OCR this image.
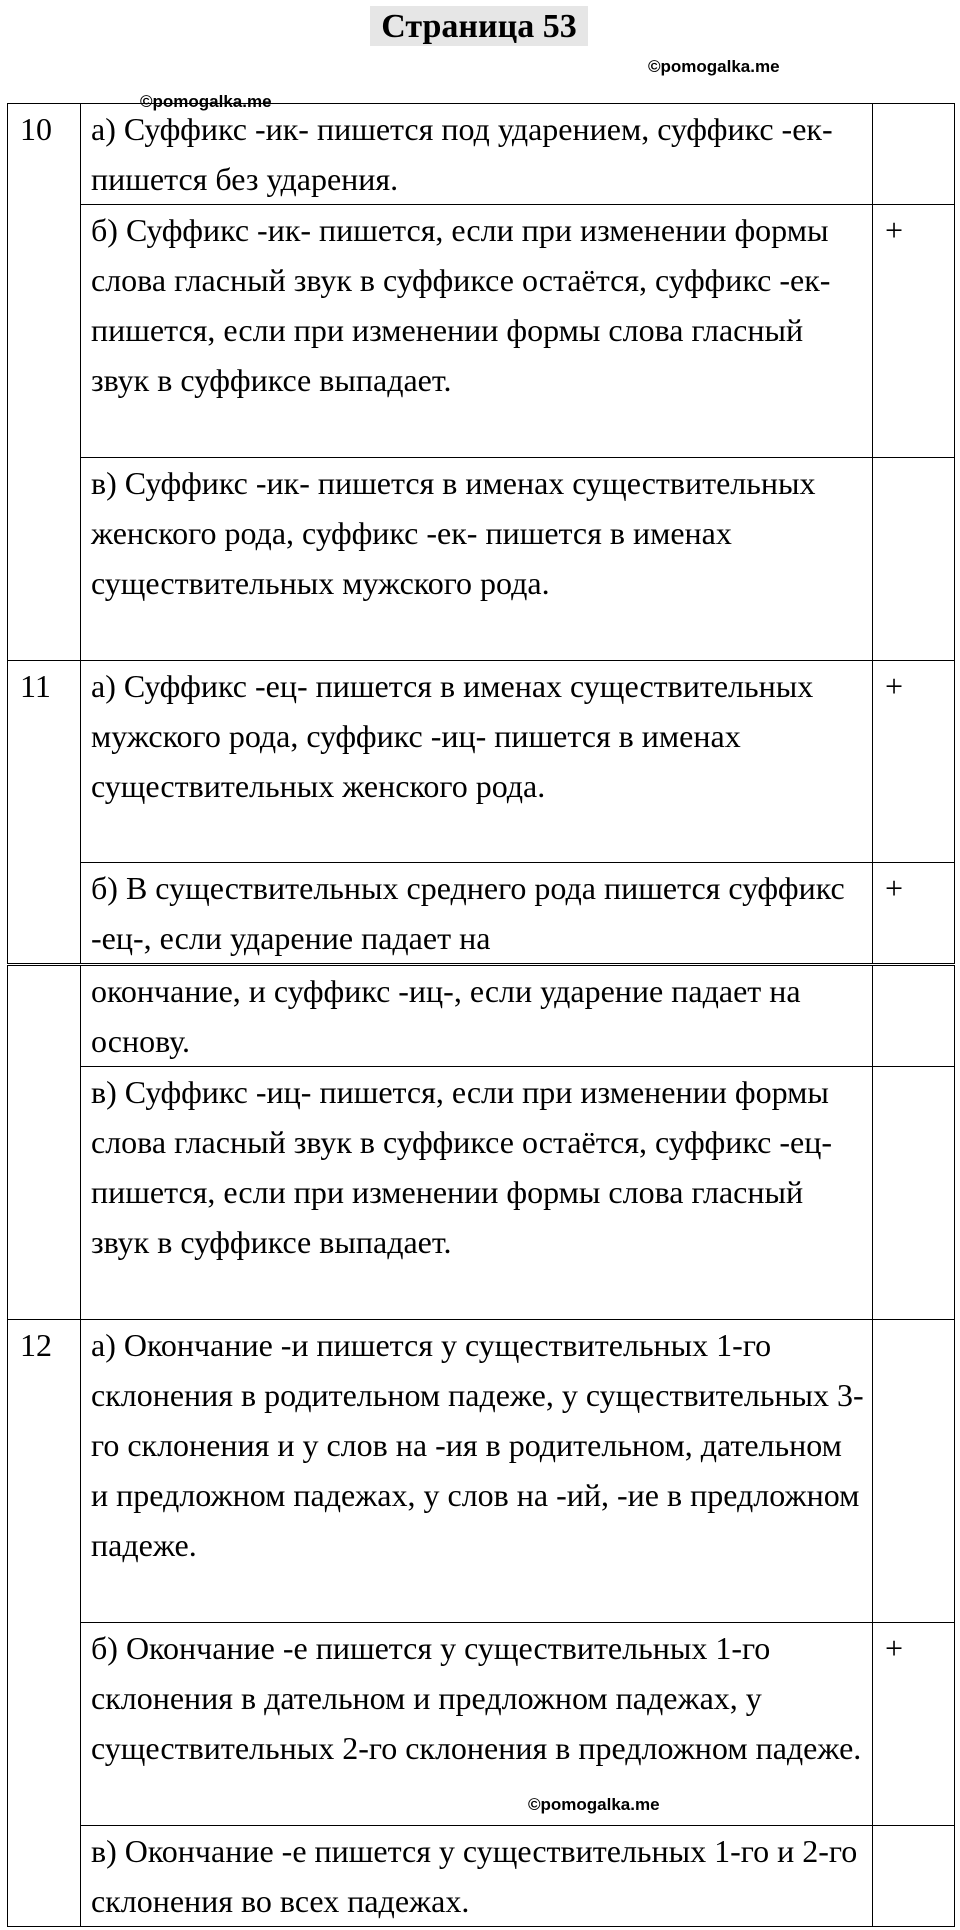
Страница 53
©pomogalka.me
©pomogalka.me
©pomogalka.me
10	а) Суффикс -ик- пишется под ударением, суффикс -ек- пишется без ударения.	
	б) Суффикс -ик- пишется, если при изменении формы слова гласный звук в суффиксе остаётся, суффикс -ек- пишется, если при изменении формы слова гласный звук в суффиксе выпадает.	+
	в) Суффикс -ик- пишется в именах существительных женского рода, суффикс -ек- пишется в именах существительных мужского рода.	
11	а) Суффикс -ец- пишется в именах существительных мужского рода, суффикс -иц- пишется в именах существительных женского рода.	+
	б) В существительных среднего рода пишется суффикс -ец-, если ударение падает на	+
	окончание, и суффикс -иц-, если ударение падает на основу.	
	в) Суффикс -иц- пишется, если при изменении формы слова гласный звук в суффиксе остаётся, суффикс -ец- пишется, если при изменении формы слова гласный звук в суффиксе выпадает.	
12	а) Окончание -и пишется у существительных 1-го склонения в родительном падеже, у существительных 3-го склонения и у слов на -ия в родительном, дательном и предложном падежах, у слов на -ий, -ие в предложном падеже.	
	б) Окончание -е пишется у существительных 1-го склонения в дательном и предложном падежах, у существительных 2-го склонения в предложном падеже.	+
	в) Окончание -е пишется у существительных 1-го и 2-го склонения во всех падежах.	
